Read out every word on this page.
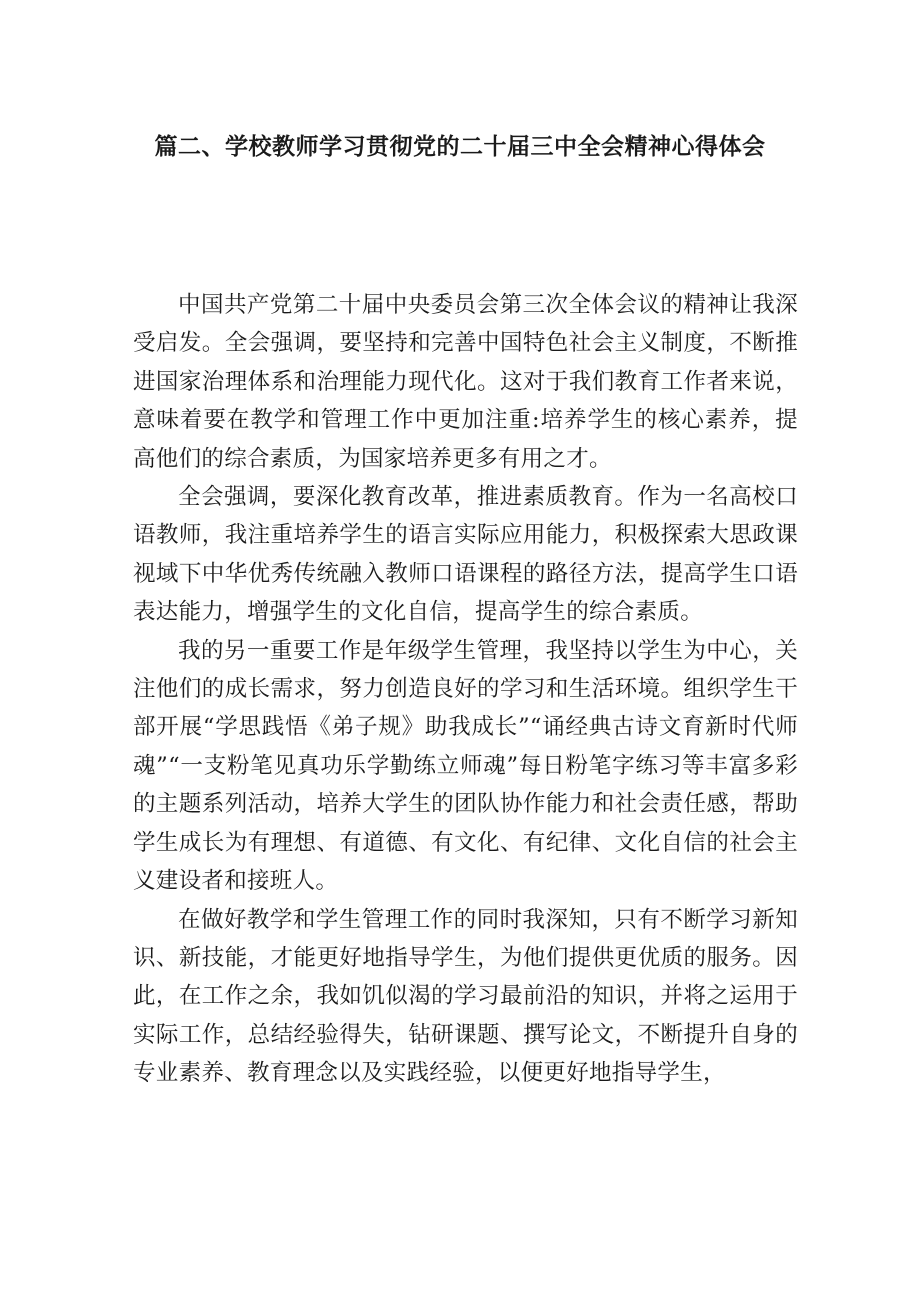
篇二、学校教师学习贯彻党的二十届三中全会精神心得体会

中国共产党第二十届中央委员会第三次全体会议的精神让我深受启发。全会强调，要坚持和完善中国特色社会主义制度，不断推进国家治理体系和治理能力现代化。这对于我们教育工作者来说，意味着要在教学和管理工作中更加注重:培养学生的核心素养，提高他们的综合素质，为国家培养更多有用之才。

全会强调，要深化教育改革，推进素质教育。作为一名高校口语教师，我注重培养学生的语言实际应用能力，积极探索大思政课视域下中华优秀传统融入教师口语课程的路径方法，提高学生口语表达能力，增强学生的文化自信，提高学生的综合素质。

我的另一重要工作是年级学生管理，我坚持以学生为中心，关注他们的成长需求，努力创造良好的学习和生活环境。组织学生干部开展“学思践悟《弟子规》助我成长”“诵经典古诗文育新时代师魂”“一支粉笔见真功乐学勤练立师魂”每日粉笔字练习等丰富多彩的主题系列活动，培养大学生的团队协作能力和社会责任感，帮助学生成长为有理想、有道德、有文化、有纪律、文化自信的社会主义建设者和接班人。

在做好教学和学生管理工作的同时我深知，只有不断学习新知识、新技能，才能更好地指导学生，为他们提供更优质的服务。因此，在工作之余，我如饥似渴的学习最前沿的知识，并将之运用于实际工作，总结经验得失，钻研课题、撰写论文，不断提升自身的专业素养、教育理念以及实践经验，以便更好地指导学生，
